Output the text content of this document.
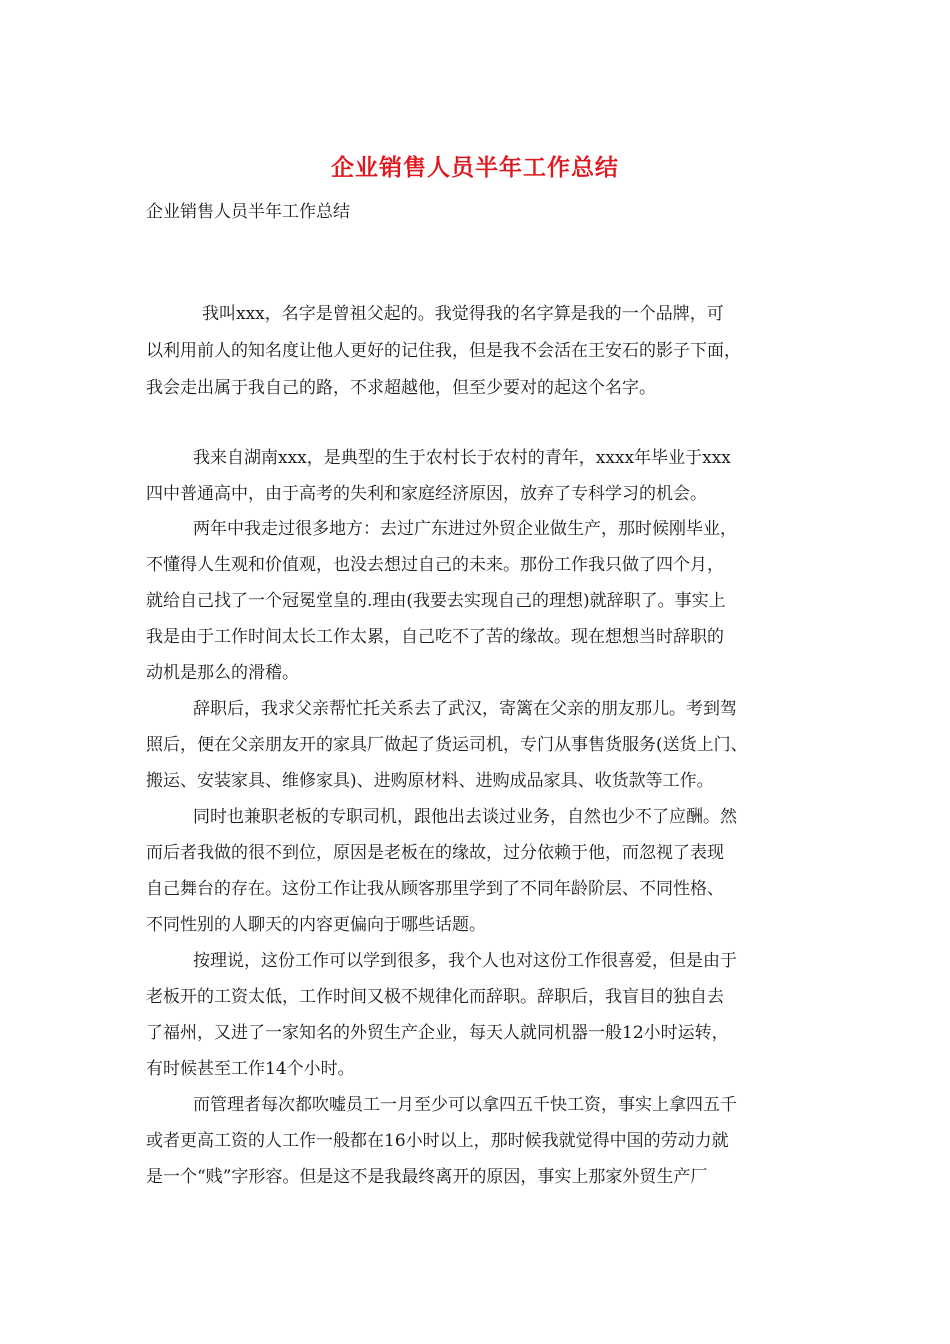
企业销售人员半年工作总结
企业销售人员半年工作总结
我叫xxx，名字是曾祖父起的。我觉得我的名字算是我的一个品牌，可
以利用前人的知名度让他人更好的记住我，但是我不会活在王安石的影子下面，
我会走出属于我自己的路，不求超越他，但至少要对的起这个名字。
我来自湖南xxx，是典型的生于农村长于农村的青年，xxxx年毕业于xxx
四中普通高中，由于高考的失利和家庭经济原因，放弃了专科学习的机会。
两年中我走过很多地方：去过广东进过外贸企业做生产，那时候刚毕业，
不懂得人生观和价值观，也没去想过自己的未来。那份工作我只做了四个月，
就给自己找了一个冠冕堂皇的.理由(我要去实现自己的理想)就辞职了。事实上
我是由于工作时间太长工作太累，自己吃不了苦的缘故。现在想想当时辞职的
动机是那么的滑稽。
辞职后，我求父亲帮忙托关系去了武汉，寄篱在父亲的朋友那儿。考到驾
照后，便在父亲朋友开的家具厂做起了货运司机，专门从事售货服务(送货上门、
搬运、安装家具、维修家具)、进购原材料、进购成品家具、收货款等工作。
同时也兼职老板的专职司机，跟他出去谈过业务，自然也少不了应酬。然
而后者我做的很不到位，原因是老板在的缘故，过分依赖于他，而忽视了表现
自己舞台的存在。这份工作让我从顾客那里学到了不同年龄阶层、不同性格、
不同性别的人聊天的内容更偏向于哪些话题。
按理说，这份工作可以学到很多，我个人也对这份工作很喜爱，但是由于
老板开的工资太低，工作时间又极不规律化而辞职。辞职后，我盲目的独自去
了福州，又进了一家知名的外贸生产企业，每天人就同机器一般12小时运转，
有时候甚至工作14个小时。
而管理者每次都吹嘘员工一月至少可以拿四五千快工资，事实上拿四五千
或者更高工资的人工作一般都在16小时以上，那时候我就觉得中国的劳动力就
是一个“贱”字形容。但是这不是我最终离开的原因，事实上那家外贸生产厂
